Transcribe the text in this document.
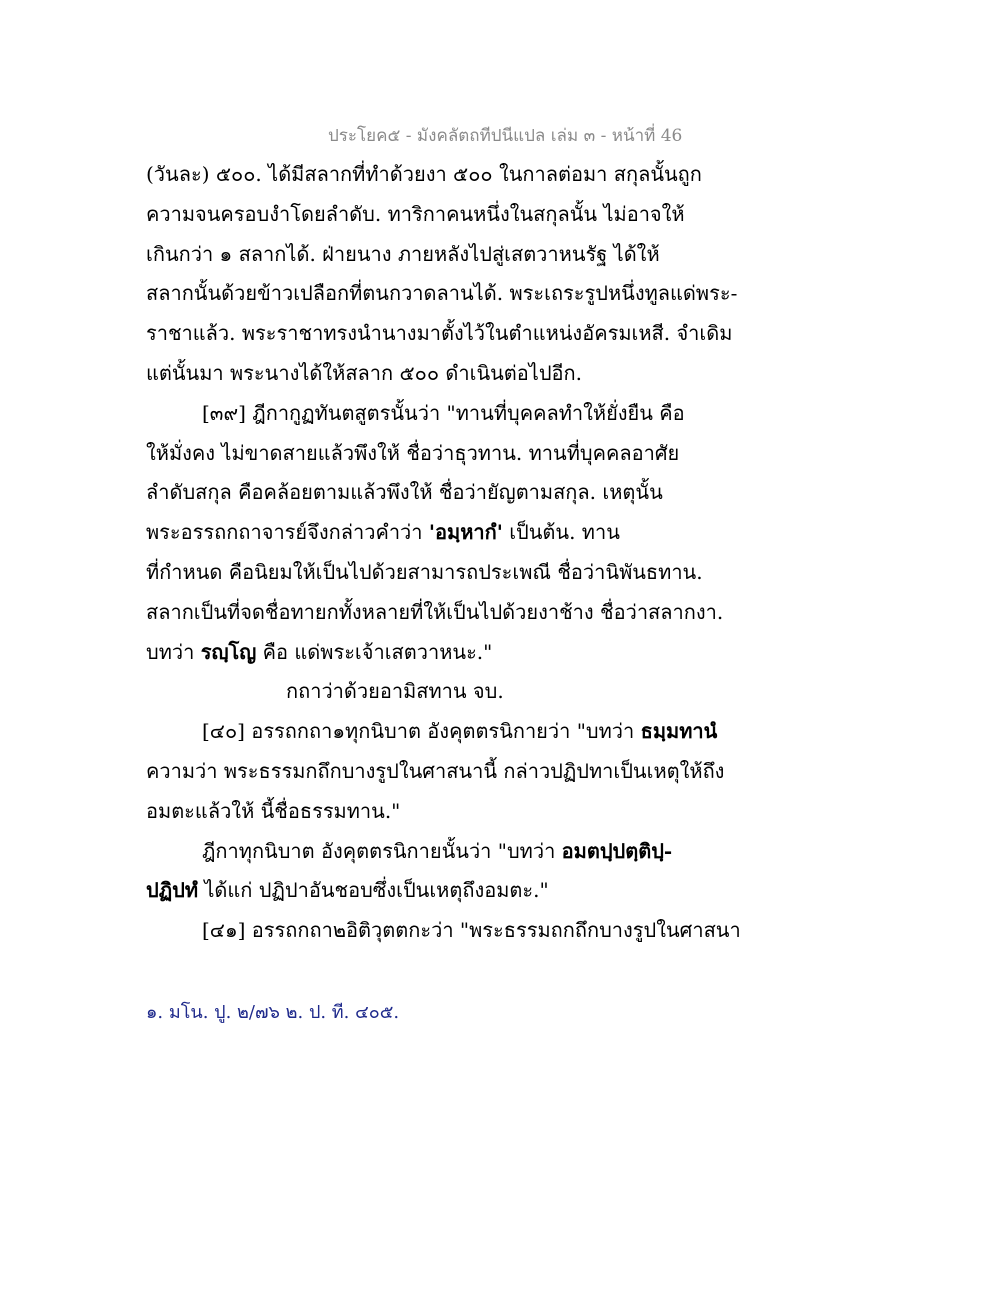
ประโยค๕ - มังคลัตถทีปนีแปล เล่ม ๓ - หน้าที่ 46
(วันละ) ๕๐๐. ได้มีสลากที่ทำด้วยงา ๕๐๐ ในกาลต่อมา สกุลนั้นถูก
ความจนครอบงำโดยลำดับ. ทาริกาคนหนึ่งในสกุลนั้น ไม่อาจให้
เกินกว่า ๑ สลากได้. ฝ่ายนาง ภายหลังไปสู่เสตวาหนรัฐ ได้ให้
สลากนั้นด้วยข้าวเปลือกที่ตนกวาดลานได้. พระเถระรูปหนึ่งทูลแด่พระ-
ราชาแล้ว. พระราชาทรงนำนางมาตั้งไว้ในตำแหน่งอัครมเหสี. จำเดิม
แต่นั้นมา พระนางได้ให้สลาก ๕๐๐ ดำเนินต่อไปอีก.
[๓๙] ฎีกากูฏทันตสูตรนั้นว่า "ทานที่บุคคลทำให้ยั่งยืน คือ
ให้มั่งคง ไม่ขาดสายแล้วพึงให้ ชื่อว่าธุวทาน. ทานที่บุคคลอาศัย
ลำดับสกุล คือคล้อยตามแล้วพึงให้ ชื่อว่ายัญตามสกุล. เหตุนั้น
พระอรรถกถาจารย์จึงกล่าวคำว่า 'อมฺหากํ' เป็นต้น. ทาน
ที่กำหนด คือนิยมให้เป็นไปด้วยสามารถประเพณี ชื่อว่านิพันธทาน.
สลากเป็นที่จดชื่อทายกทั้งหลายที่ให้เป็นไปด้วยงาช้าง ชื่อว่าสลากงา.
บทว่า รญฺโญ คือ แด่พระเจ้าเสตวาหนะ."
กถาว่าด้วยอามิสทาน จบ.
[๔๐] อรรถกถา๑ทุกนิบาต อังคุตตรนิกายว่า "บทว่า ธมฺมทานํ
ความว่า พระธรรมกถึกบางรูปในศาสนานี้ กล่าวปฏิปทาเป็นเหตุให้ถึง
อมตะแล้วให้ นี้ชื่อธรรมทาน."
ฎีกาทุกนิบาต อังคุตตรนิกายนั้นว่า "บทว่า อมตปฺปตฺติปฺ-
ปฏิปทํ ได้แก่ ปฏิปาอันชอบซึ่งเป็นเหตุถึงอมตะ."
[๔๑] อรรถกถา๒อิติวุตตกะว่า "พระธรรมถกถึกบางรูปในศาสนา
๑. มโน. ปู. ๒/๗๖ ๒. ป. ที. ๔๐๕.
